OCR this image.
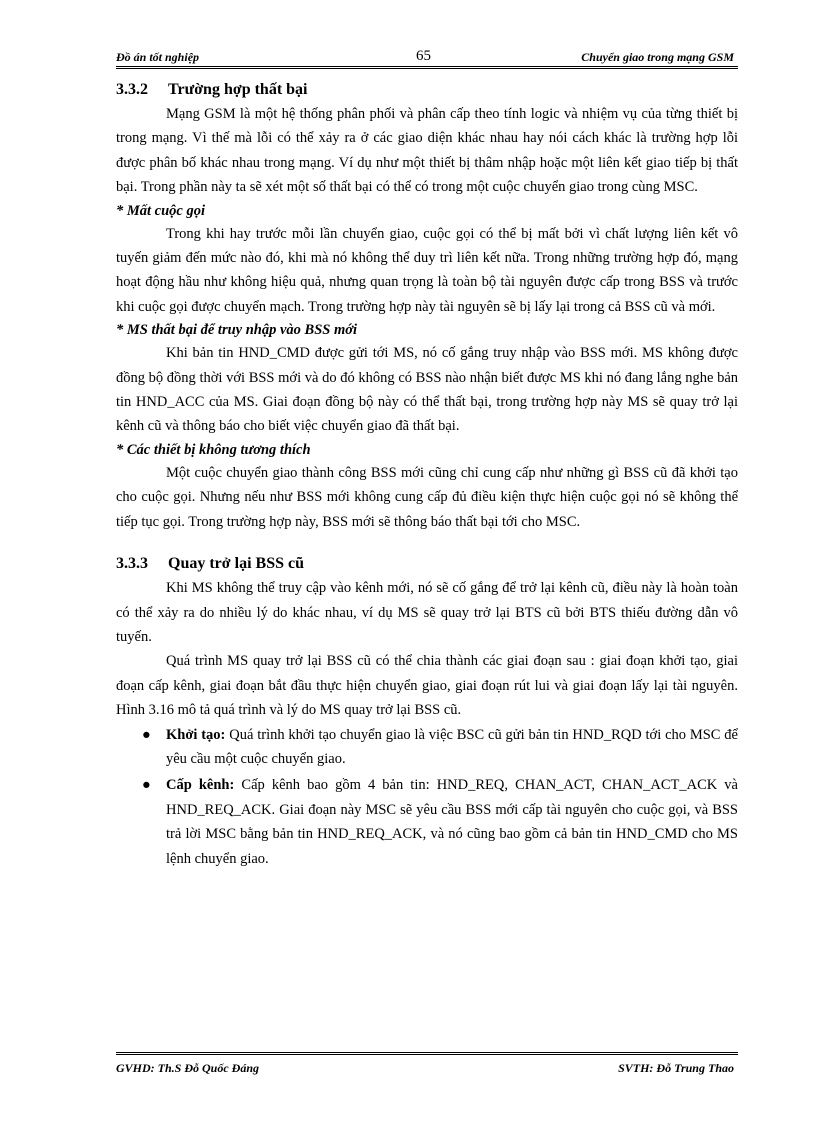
Đồ án tốt nghiệp	65	Chuyển giao trong mạng GSM
3.3.2 Trường hợp thất bại

Mạng GSM là một hệ thống phân phối và phân cấp theo tính logic và nhiệm vụ của từng thiết bị trong mạng. Vì thế mà lỗi có thể xảy ra ở các giao diện khác nhau hay nói cách khác là trường hợp lỗi được phân bố khác nhau trong mạng. Ví dụ như một thiết bị thâm nhập hoặc một liên kết giao tiếp bị thất bại. Trong phần này ta sẽ xét một số thất bại có thể có trong một cuộc chuyển giao trong cùng MSC.

* Mất cuộc gọi

Trong khi hay trước mỗi lần chuyển giao, cuộc gọi có thể bị mất bởi vì chất lượng liên kết vô tuyến giảm đến mức nào đó, khi mà nó không thể duy trì liên kết nữa. Trong những trường hợp đó, mạng hoạt động hầu như không hiệu quả, nhưng quan trọng là toàn bộ tài nguyên được cấp trong BSS và trước khi cuộc gọi được chuyển mạch. Trong trường hợp này tài nguyên sẽ bị lấy lại trong cả BSS cũ và mới.

* MS thất bại để truy nhập vào BSS mới

Khi bản tin HND_CMD được gửi tới MS, nó cố gắng truy nhập vào BSS mới. MS không được đồng bộ đồng thời với BSS mới và do đó không có BSS nào nhận biết được MS khi nó đang lắng nghe bản tin HND_ACC của MS. Giai đoạn đồng bộ này có thể thất bại, trong trường hợp này MS sẽ quay trở lại kênh cũ và thông báo cho biết việc chuyển giao đã thất bại.

* Các thiết bị không tương thích

Một cuộc chuyển giao thành công BSS mới cũng chỉ cung cấp như những gì BSS cũ đã khởi tạo cho cuộc gọi. Nhưng nếu như BSS mới không cung cấp đủ điều kiện thực hiện cuộc gọi nó sẽ không thể tiếp tục gọi. Trong trường hợp này, BSS mới sẽ thông báo thất bại tới cho MSC.

3.3.3 Quay trở lại BSS cũ

Khi MS không thể truy cập vào kênh mới, nó sẽ cố gắng để trở lại kênh cũ, điều này là hoàn toàn có thể xảy ra do nhiều lý do khác nhau, ví dụ MS sẽ quay trở lại BTS cũ bởi BTS thiếu đường dẫn vô tuyến.

Quá trình MS quay trở lại BSS cũ có thể chia thành các giai đoạn sau : giai đoạn khởi tạo, giai đoạn cấp kênh, giai đoạn bắt đầu thực hiện chuyển giao, giai đoạn rút lui và giai đoạn lấy lại tài nguyên. Hình 3.16 mô tả quá trình và lý do MS quay trở lại BSS cũ.

● Khởi tạo: Quá trình khởi tạo chuyển giao là việc BSC cũ gửi bản tin HND_RQD tới cho MSC để yêu cầu một cuộc chuyển giao.
● Cấp kênh: Cấp kênh bao gồm 4 bản tin: HND_REQ, CHAN_ACT, CHAN_ACT_ACK và HND_REQ_ACK. Giai đoạn này MSC sẽ yêu cầu BSS mới cấp tài nguyên cho cuộc gọi, và BSS trả lời MSC bằng bản tin HND_REQ_ACK, và nó cũng bao gồm cả bản tin HND_CMD cho MS lệnh chuyển giao.
GVHD: Th.S Đỗ Quốc Đáng	SVTH: Đỗ Trung Thao
